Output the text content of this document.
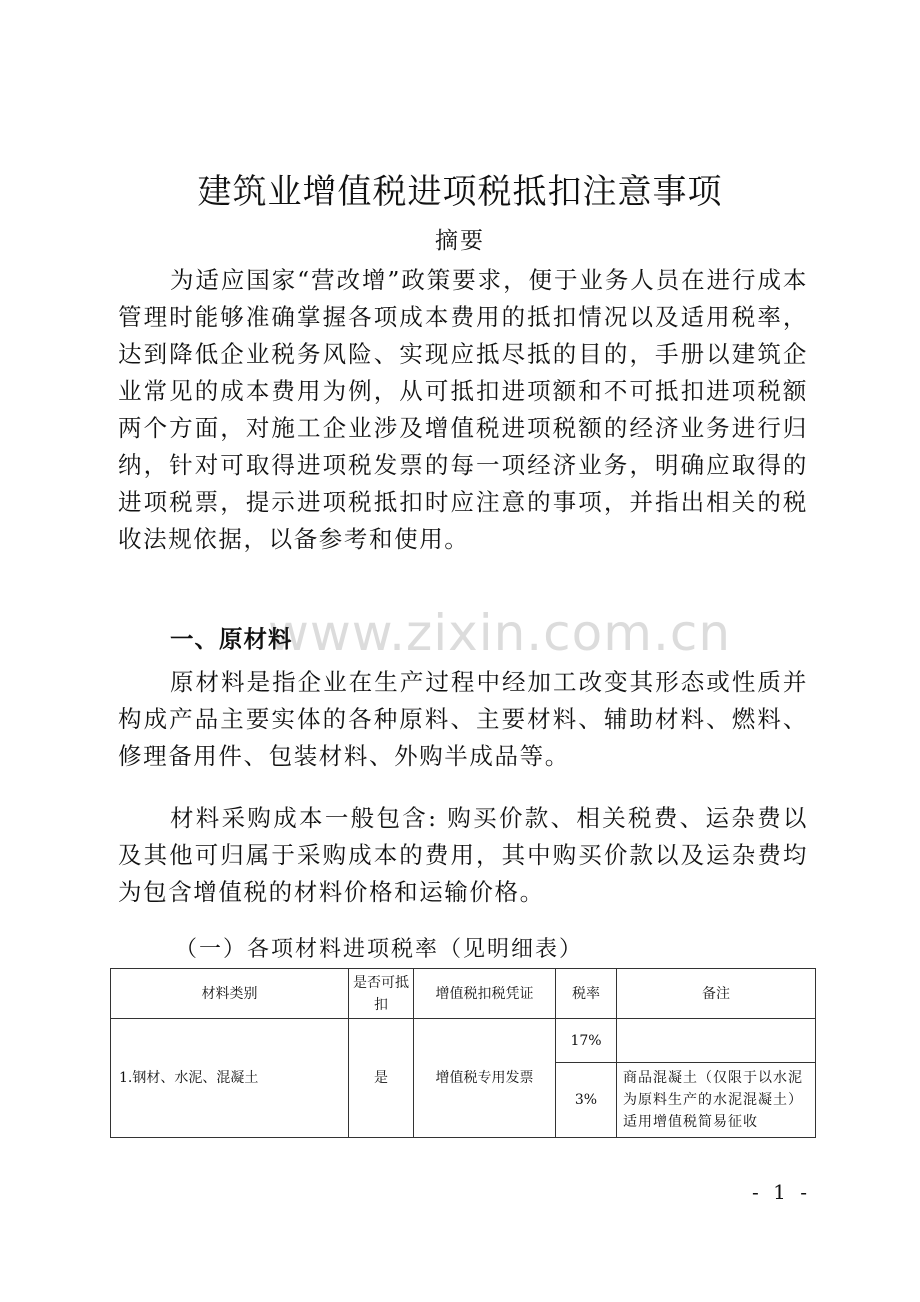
建筑业增值税进项税抵扣注意事项
摘要
为适应国家“营改增”政策要求，便于业务人员在进行成本管理时能够准确掌握各项成本费用的抵扣情况以及适用税率，达到降低企业税务风险、实现应抵尽抵的目的，手册以建筑企业常见的成本费用为例，从可抵扣进项额和不可抵扣进项税额两个方面，对施工企业涉及增值税进项税额的经济业务进行归纳，针对可取得进项税发票的每一项经济业务，明确应取得的进项税票，提示进项税抵扣时应注意的事项，并指出相关的税收法规依据，以备参考和使用。
www.zixin.com.cn
一、原材料
原材料是指企业在生产过程中经加工改变其形态或性质并构成产品主要实体的各种原料、主要材料、辅助材料、燃料、修理备用件、包装材料、外购半成品等。
材料采购成本一般包含: 购买价款、相关税费、运杂费以及其他可归属于采购成本的费用，其中购买价款以及运杂费均为包含增值税的材料价格和运输价格。
（一）各项材料进项税率（见明细表）
材料类别	是否可抵扣	增值税扣税凭证	税率	备注
1.钢材、水泥、混凝土	是	增值税专用发票	17%	
			3%	商品混凝土（仅限于以水泥为原料生产的水泥混凝土）适用增值税简易征收
- 1 -
